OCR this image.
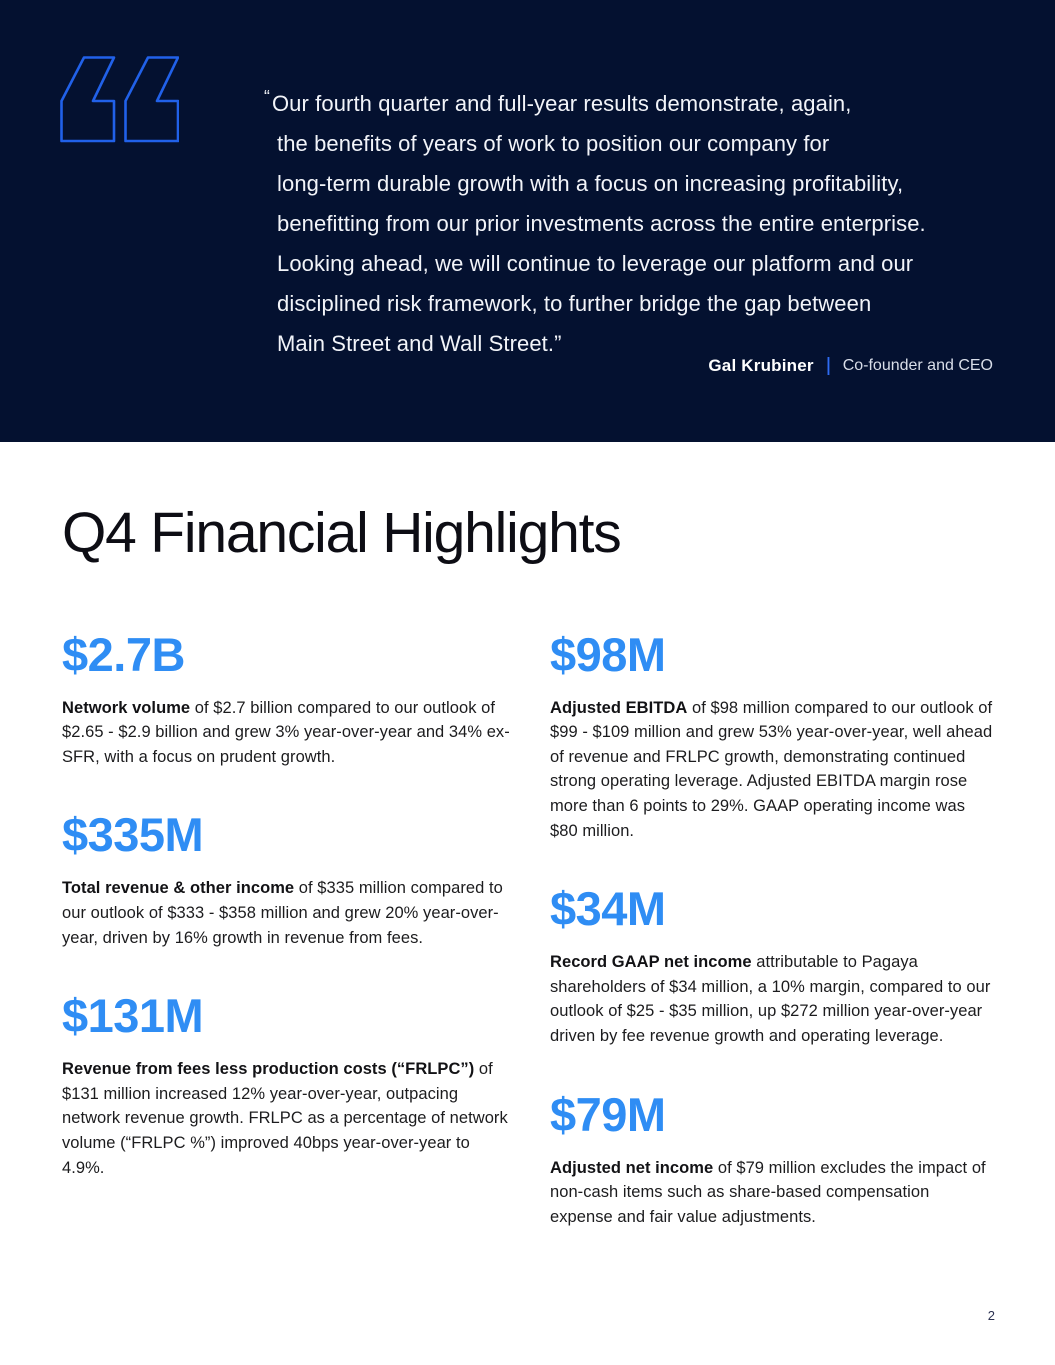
“Our fourth quarter and full-year results demonstrate, again,
the benefits of years of work to position our company for
long-term durable growth with a focus on increasing profitability,
benefitting from our prior investments across the entire enterprise.
Looking ahead, we will continue to leverage our platform and our
disciplined risk framework, to further bridge the gap between
Main Street and Wall Street.”
Gal Krubiner | Co-founder and CEO
Q4 Financial Highlights
$2.7B

Network volume of $2.7 billion compared to our outlook of $2.65 - $2.9 billion and grew 3% year-over-year and 34% ex-SFR, with a focus on prudent growth.

$335M

Total revenue & other income of $335 million compared to our outlook of $333 - $358 million and grew 20% year-over-year, driven by 16% growth in revenue from fees.

$131M

Revenue from fees less production costs (“FRLPC”) of $131 million increased 12% year-over-year, outpacing network revenue growth. FRLPC as a percentage of network volume (“FRLPC %”) improved 40bps year-over-year to 4.9%.

$98M

Adjusted EBITDA of $98 million compared to our outlook of $99 - $109 million and grew 53% year-over-year, well ahead of revenue and FRLPC growth, demonstrating continued strong operating leverage. Adjusted EBITDA margin rose more than 6 points to 29%. GAAP operating income was $80 million.

$34M

Record GAAP net income attributable to Pagaya shareholders of $34 million, a 10% margin, compared to our outlook of $25 - $35 million, up $272 million year-over-year driven by fee revenue growth and operating leverage.

$79M

Adjusted net income of $79 million excludes the impact of non-cash items such as share-based compensation expense and fair value adjustments.

2
